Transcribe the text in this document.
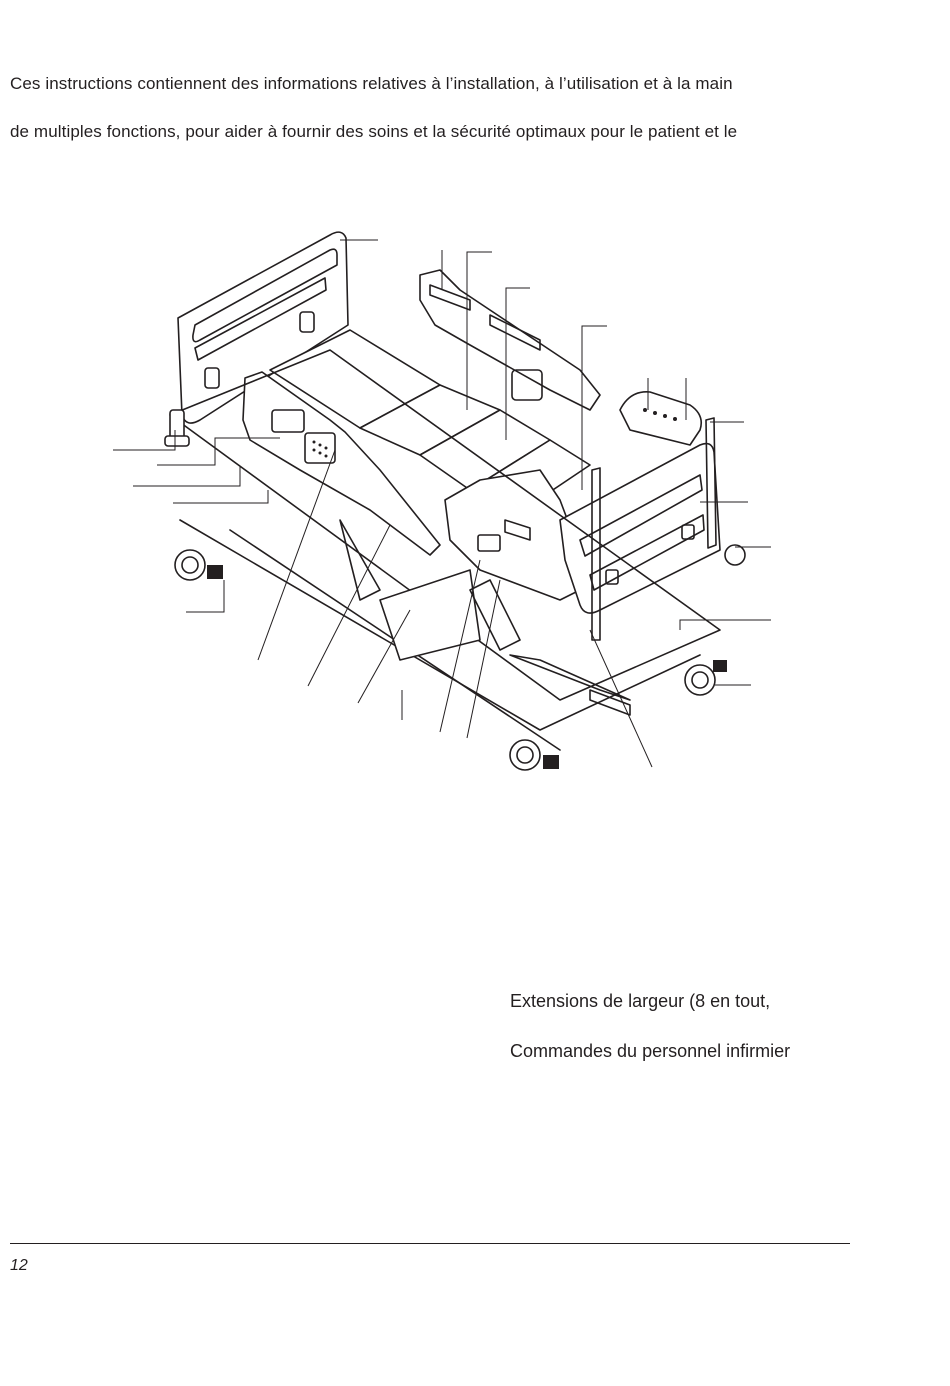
Ces instructions contiennent des informations relatives à l’installation, à l’utilisation et à la main
de multiples fonctions, pour aider à fournir des soins et la sécurité optimaux pour le patient et le
Extensions de largeur (8 en tout,
Commandes du personnel infirmier
12
